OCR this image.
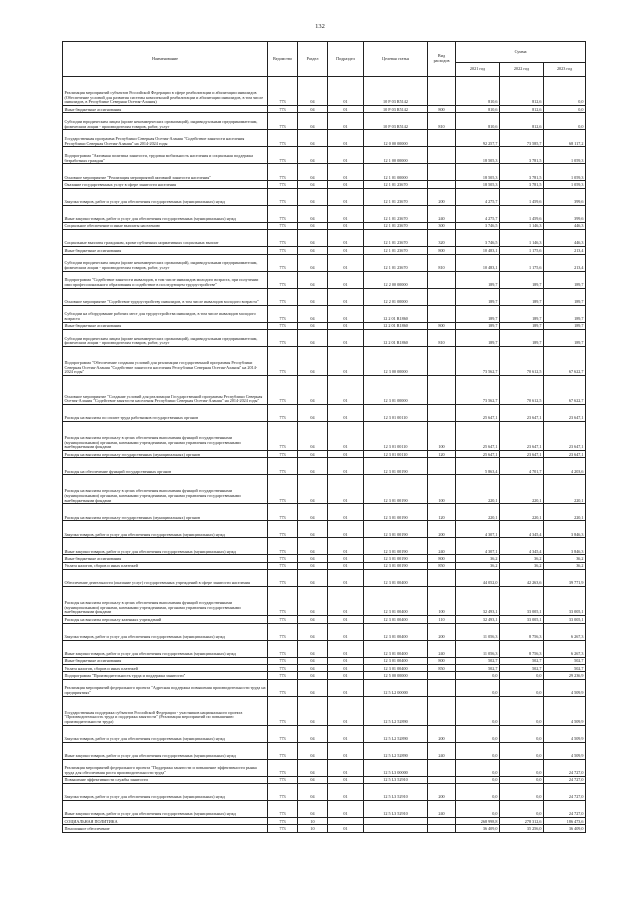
132
Наименование	Ведомство	Раздел	Подраздел	Целевая статья	Вид расходов	Сумма		
						2021 год	2022 год	2023 год
Реализация мероприятий субъектов Российской Федерации в сфере реабилитации и абилитации инвалидов (Обеспечение условий для развития системы комплексной реабилитации и абилитации инвалидов, в том числе инвалидов, в Республике Северная Осетия-Алания)	773	04	01	10 Р 03 R5142		810,6	812,6	0,0
Иные бюджетные ассигнования	773	04	01	10 Р 03 R5142	800	810,6	812,6	0,0
Субсидии юридическим лицам (кроме некоммерческих организаций), индивидуальным предпринимателям, физическим лицам - производителям товаров, работ, услуг	773	04	01	10 Р 03 R5142	810	810,6	812,6	0,0
Государственная программа Республики Северная Осетия-Алания "Содействие занятости населения Республики Северная Осетия-Алания" на 2014-2024 годы	773	04	01	12 0 00 00000		92 257,7	73 585,7	68 117,2
Подпрограмма "Активная политика занятости, трудовая мобильность населения и социальная поддержка безработных граждан"	773	04	01	12 1 00 00000		18 505,3	3 781,5	1 059,3
Основное мероприятие "Реализация мероприятий активной занятости населения"	773	04	01	12 1 01 00000		18 505,3	3 781,5	1 059,3
Оказание государственных услуг в сфере занятости населения	773	04	01	12 1 01 23670		18 505,3	3 781,5	1 059,3
Закупка товаров, работ и услуг для обеспечения государственных (муниципальных) нужд	773	04	01	12 1 01 23670	200	4 275,7	1 459,6	399,6
Иные закупки товаров, работ и услуг для обеспечения государственных (муниципальных) нужд	773	04	01	12 1 01 23670	240	4 275,7	1 459,6	399,6
Социальное обеспечение и иные выплаты населению	773	04	01	12 1 01 23670	300	3 746,5	1 146,3	446,3
Социальные выплаты гражданам, кроме публичных нормативных социальных выплат	773	04	01	12 1 01 23670	320	3 746,5	1 146,3	446,3
Иные бюджетные ассигнования	773	04	01	12 1 01 23670	800	10 483,1	1 175,6	213,4
Субсидии юридическим лицам (кроме некоммерческих организаций), индивидуальным предпринимателям, физическим лицам - производителям товаров, работ, услуг	773	04	01	12 1 01 23670	810	10 483,1	1 175,6	213,4
Подпрограмма "Содействие занятости инвалидов, в том числе инвалидов молодого возраста, при получении ими профессионального образования и содействие в последующем трудоустройстве"	773	04	01	12 2 00 00000		189,7	189,7	189,7
Основное мероприятие "Содействие трудоустройству инвалидов, в том числе инвалидов молодого возраста"	773	04	01	12 2 01 00000		189,7	189,7	189,7
Субсидии на оборудование рабочих мест для трудоустройства инвалидов, в том числе инвалидов молодого возраста	773	04	01	12 2 01 R1860		189,7	189,7	189,7
Иные бюджетные ассигнования	773	04	01	12 2 01 R1860	800	189,7	189,7	189,7
Субсидии юридическим лицам (кроме некоммерческих организаций), индивидуальным предпринимателям, физическим лицам - производителям товаров, работ, услуг	773	04	01	12 2 01 R1860	810	189,7	189,7	189,7
Подпрограмма "Обеспечение создания условий для реализации государственной программы Республики Северная Осетия-Алания "Содействие занятости населения Республики Северная Осетия-Алания" на 2014-2024 годы"	773	04	01	12 3 00 00000		73 562,7	70 612,5	67 622,7
Основное мероприятие "Создание условий для реализации Государственной программы Республики Северная Осетия-Алания "Содействие занятости населения Республики Северная Осетия-Алания" на 2014-2024 годы"	773	04	01	12 3 01 00000		73 562,7	70 612,5	67 622,7
Расходы на выплаты по оплате труда работников государственных органов	773	04	01	12 3 01 00110		25 647,1	23 647,1	23 647,1
Расходы на выплаты персоналу в целях обеспечения выполнения функций государственными (муниципальными) органами, казенными учреждениями, органами управления государственными внебюджетными фондами	773	04	01	12 3 01 00110	100	25 647,1	23 647,1	23 647,1
Расходы на выплаты персоналу государственных (муниципальных) органов	773	04	01	12 3 01 00110	120	25 647,1	23 647,1	23 647,1
Расходы на обеспечение функций государственных органов	773	04	01	12 3 01 00190		5 863,4	4 701,7	4 203,6
Расходы на выплаты персоналу в целях обеспечения выполнения функций государственными (муниципальными) органами, казенными учреждениями, органами управления государственными внебюджетными фондами	773	04	01	12 3 01 00190	100	220,1	220,1	220,1
Расходы на выплаты персоналу государственных (муниципальных) органов	773	04	01	12 3 01 00190	120	220,1	220,1	220,1
Закупка товаров, работ и услуг для обеспечения государственных (муниципальных) нужд	773	04	01	12 3 01 00190	200	4 307,1	4 345,4	3 846,3
Иные закупки товаров, работ и услуг для обеспечения государственных (муниципальных) нужд	773	04	01	12 3 01 00190	240	4 307,1	4 345,4	3 846,3
Иные бюджетные ассигнования	773	04	01	12 3 01 00190	800	36,2	36,2	36,2
Уплата налогов, сборов и иных платежей	773	04	01	12 3 01 00190	850	36,2	36,2	36,2
Обеспечение деятельности (оказание услуг) государственных учреждений в сфере занятости населения	773	04	01	12 3 01 00400		44 052,0	42 263,6	39 771,9
Расходы на выплаты персоналу в целях обеспечения выполнения функций государственными (муниципальными) органами, казенными учреждениями, органами управления государственными внебюджетными фондами	773	04	01	12 3 01 00400	100	32 493,1	33 005,1	33 005,1
Расходы на выплаты персоналу казенных учреждений	773	04	01	12 3 01 00400	110	32 493,1	33 005,1	33 005,1
Закупка товаров, работ и услуг для обеспечения государственных (муниципальных) нужд	773	04	01	12 3 01 00400	200	11 056,3	8 756,3	6 267,3
Иные закупки товаров, работ и услуг для обеспечения государственных (муниципальных) нужд	773	04	01	12 3 01 00400	240	11 056,3	8 756,3	6 267,3
Иные бюджетные ассигнования	773	04	01	12 3 01 00400	800	502,7	502,7	502,7
Уплата налогов, сборов и иных платежей	773	04	01	12 3 01 00400	850	502,7	502,7	502,7
Подпрограмма "Производительность труда и поддержка занятости"	773	04	01	12 5 00 00000		0,0	0,0	29 236,9
Реализация мероприятий федерального проекта "Адресная поддержка повышения производительности труда на предприятиях"	773	04	01	12 5 L2 00000		0,0	0,0	4 509,9
Государственная поддержка субъектов Российской Федерации - участников национального проекта "Производительность труда и поддержка занятости" (Реализация мероприятий по повышению производительности труда)	773	04	01	12 5 L2 52890		0,0	0,0	4 509,9
Закупка товаров, работ и услуг для обеспечения государственных (муниципальных) нужд	773	04	01	12 5 L2 52890	200	0,0	0,0	4 509,9
Иные закупки товаров, работ и услуг для обеспечения государственных (муниципальных) нужд	773	04	01	12 5 L2 52890	240	0,0	0,0	4 509,9
Реализация мероприятий федерального проекта "Поддержка занятости и повышение эффективности рынка труда для обеспечения роста производительности труда"	773	04	01	12 5 L3 00000		0,0	0,0	24 727,0
Повышение эффективности службы занятости	773	04	01	12 5 L3 52910		0,0	0,0	24 727,0
Закупка товаров, работ и услуг для обеспечения государственных (муниципальных) нужд	773	04	01	12 5 L3 52910	200	0,0	0,0	24 727,0
Иные закупки товаров, работ и услуг для обеспечения государственных (муниципальных) нужд	773	04	01	12 5 L3 52910	240	0,0	0,0	24 727,0
СОЦИАЛЬНАЯ ПОЛИТИКА	773	10				268 998,8	278 312,6	186 473,6
Пенсионное обеспечение	773	10	01			36 409,0	35 256,0	36 409,0
